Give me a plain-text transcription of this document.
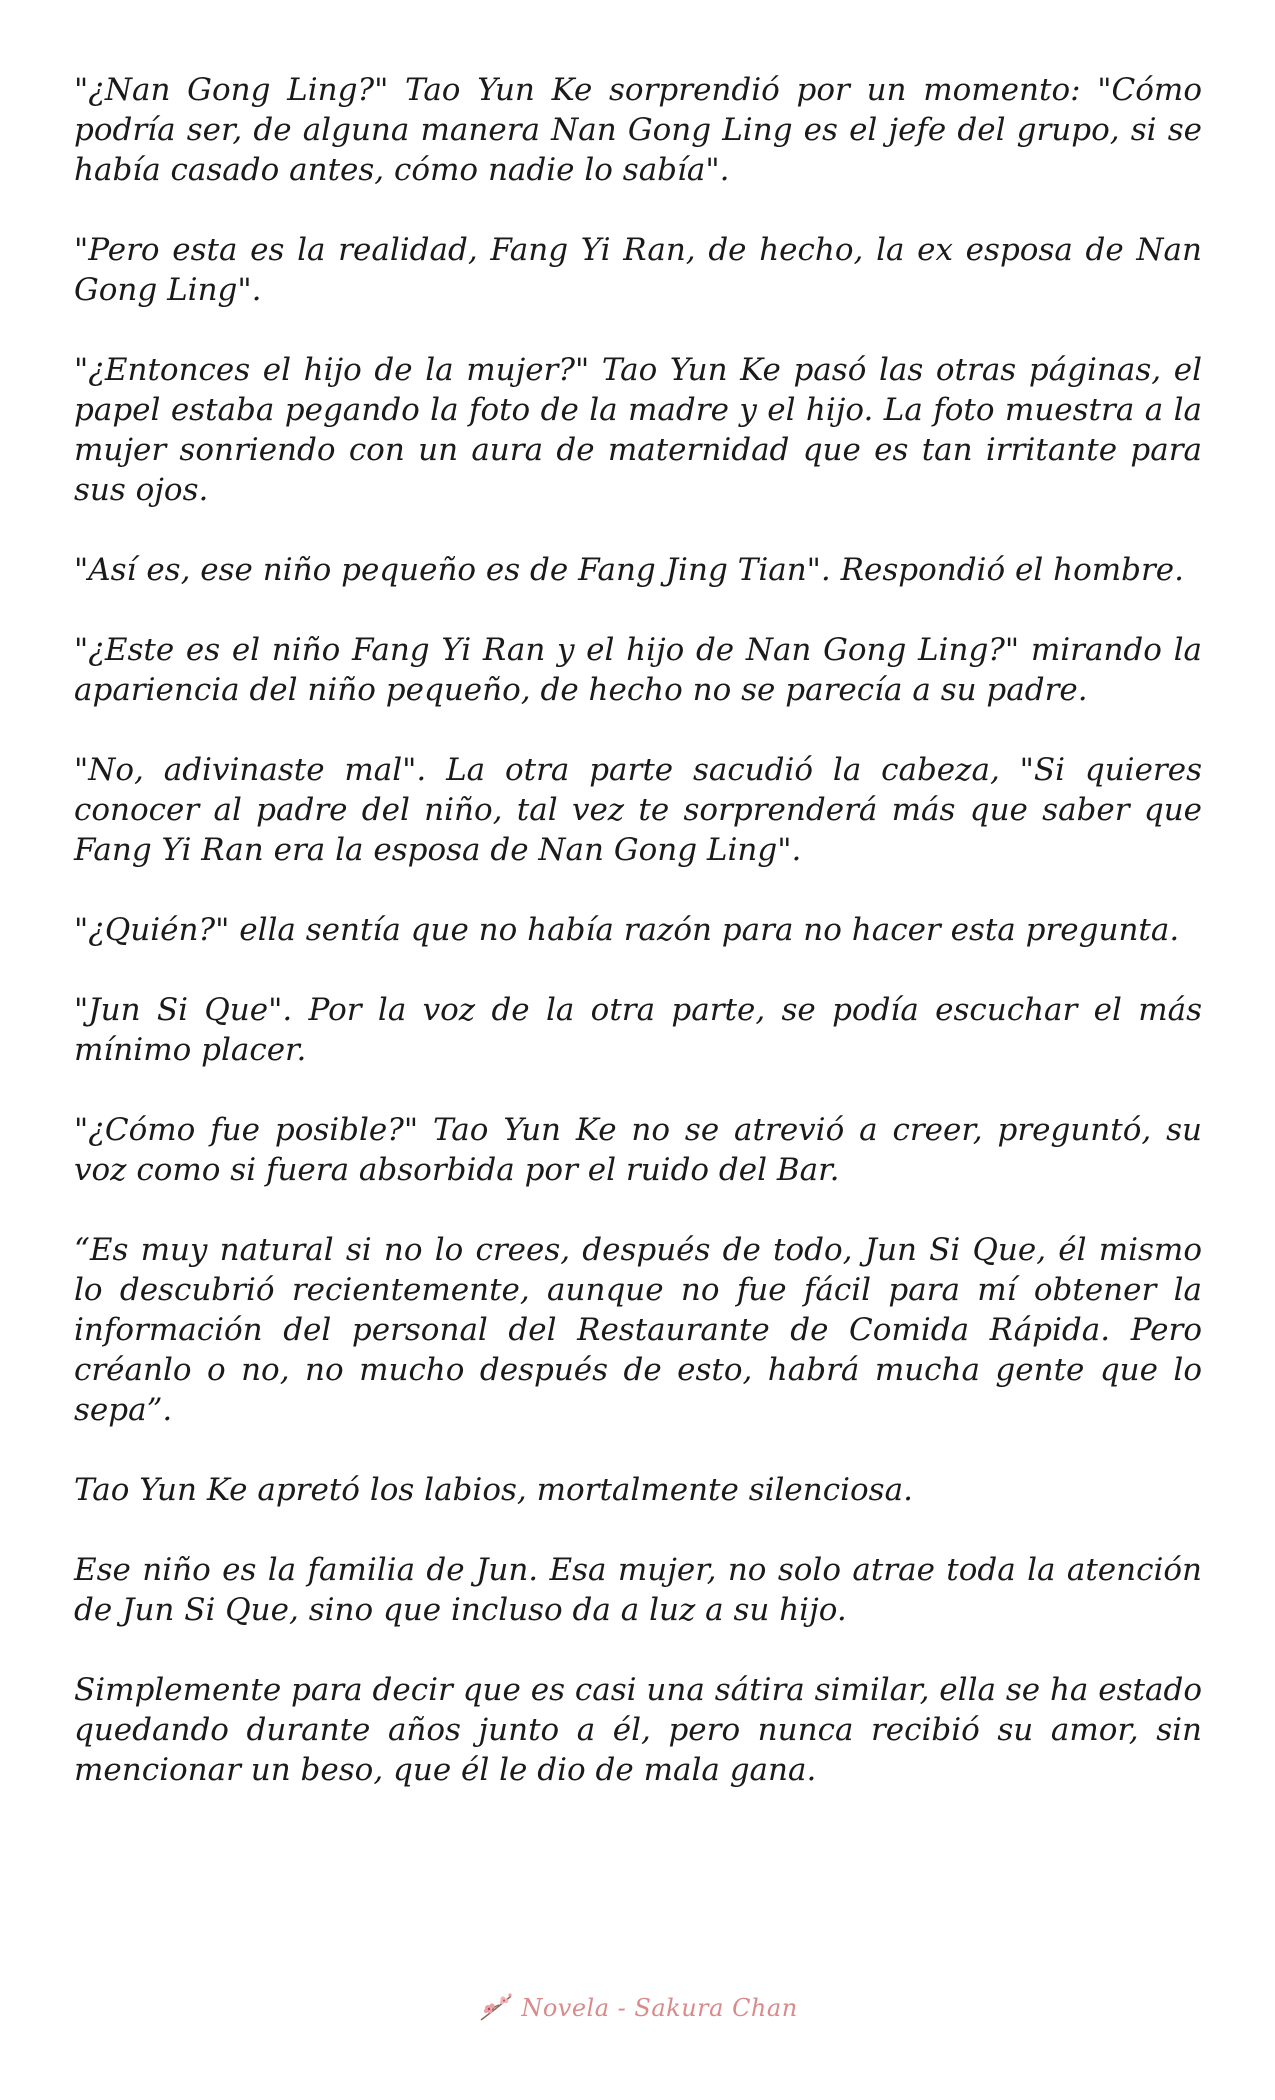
"¿Nan Gong Ling?" Tao Yun Ke sorprendió por un momento: "Cómo podría ser, de alguna manera Nan Gong Ling es el jefe del grupo, si se había casado antes, cómo nadie lo sabía".

"Pero esta es la realidad, Fang Yi Ran, de hecho, la ex esposa de Nan Gong Ling".

"¿Entonces el hijo de la mujer?" Tao Yun Ke pasó las otras páginas, el papel estaba pegando la foto de la madre y el hijo. La foto muestra a la mujer sonriendo con un aura de maternidad que es tan irritante para sus ojos.

"Así es, ese niño pequeño es de Fang Jing Tian". Respondió el hombre.

"¿Este es el niño Fang Yi Ran y el hijo de Nan Gong Ling?" mirando la apariencia del niño pequeño, de hecho no se parecía a su padre.

"No, adivinaste mal". La otra parte sacudió la cabeza, "Si quieres conocer al padre del niño, tal vez te sorprenderá más que saber que Fang Yi Ran era la esposa de Nan Gong Ling".

"¿Quién?" ella sentía que no había razón para no hacer esta pregunta.

"Jun Si Que". Por la voz de la otra parte, se podía escuchar el más mínimo placer.

"¿Cómo fue posible?" Tao Yun Ke no se atrevió a creer, preguntó, su voz como si fuera absorbida por el ruido del Bar.

“Es muy natural si no lo crees, después de todo, Jun Si Que, él mismo lo descubrió recientemente, aunque no fue fácil para mí obtener la información del personal del Restaurante de Comida Rápida. Pero créanlo o no, no mucho después de esto, habrá mucha gente que lo sepa”.

Tao Yun Ke apretó los labios, mortalmente silenciosa.

Ese niño es la familia de Jun. Esa mujer, no solo atrae toda la atención de Jun Si Que, sino que incluso da a luz a su hijo.

Simplemente para decir que es casi una sátira similar, ella se ha estado quedando durante años junto a él, pero nunca recibió su amor, sin mencionar un beso, que él le dio de mala gana.

Novela - Sakura Chan
